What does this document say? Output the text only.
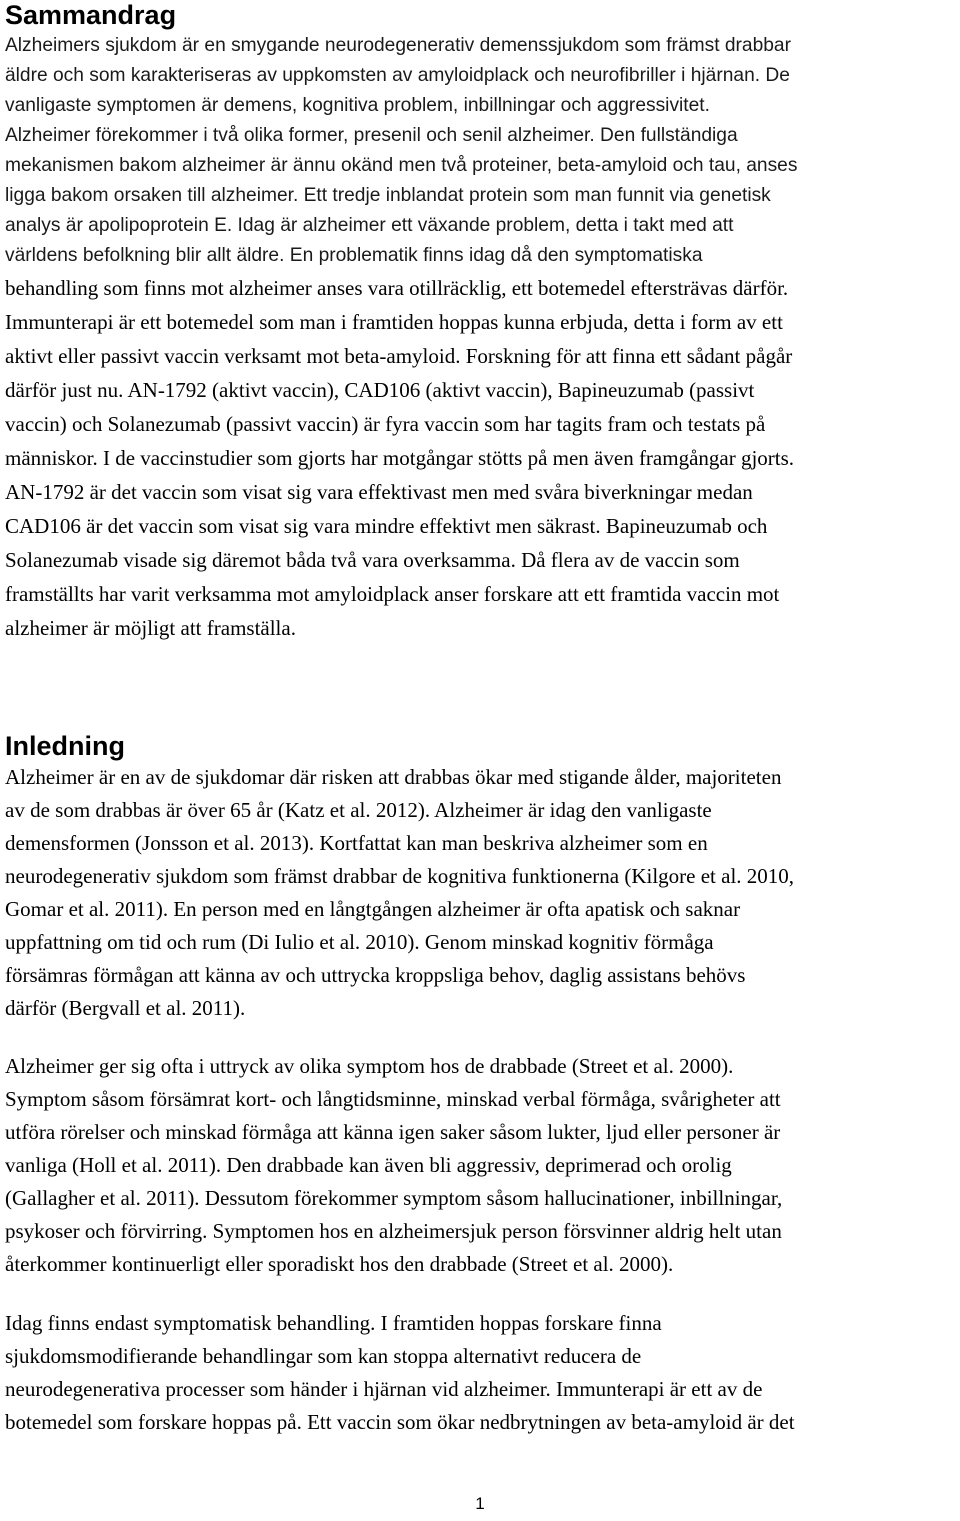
Sammandrag
Alzheimers sjukdom är en smygande neurodegenerativ demenssjukdom som främst drabbar
äldre och som karakteriseras av uppkomsten av amyloidplack och neurofibriller i hjärnan. De
vanligaste symptomen är demens, kognitiva problem, inbillningar och aggressivitet.
Alzheimer förekommer i två olika former, presenil och senil alzheimer. Den fullständiga
mekanismen bakom alzheimer är ännu okänd men två proteiner, beta-amyloid och tau, anses
ligga bakom orsaken till alzheimer. Ett tredje inblandat protein som man funnit via genetisk
analys är apolipoprotein E. Idag är alzheimer ett växande problem, detta i takt med att
världens befolkning blir allt äldre. En problematik finns idag då den symptomatiska
behandling som finns mot alzheimer anses vara otillräcklig, ett botemedel eftersträvas därför.
Immunterapi är ett botemedel som man i framtiden hoppas kunna erbjuda, detta i form av ett
aktivt eller passivt vaccin verksamt mot beta-amyloid. Forskning för att finna ett sådant pågår
därför just nu. AN-1792 (aktivt vaccin), CAD106 (aktivt vaccin), Bapineuzumab (passivt
vaccin) och Solanezumab (passivt vaccin) är fyra vaccin som har tagits fram och testats på
människor. I de vaccinstudier som gjorts har motgångar stötts på men även framgångar gjorts.
AN-1792 är det vaccin som visat sig vara effektivast men med svåra biverkningar medan
CAD106 är det vaccin som visat sig vara mindre effektivt men säkrast. Bapineuzumab och
Solanezumab visade sig däremot båda två vara overksamma. Då flera av de vaccin som
framställts har varit verksamma mot amyloidplack anser forskare att ett framtida vaccin mot
alzheimer är möjligt att framställa.
Inledning
Alzheimer är en av de sjukdomar där risken att drabbas ökar med stigande ålder, majoriteten
av de som drabbas är över 65 år (Katz et al. 2012). Alzheimer är idag den vanligaste
demensformen (Jonsson et al. 2013). Kortfattat kan man beskriva alzheimer som en
neurodegenerativ sjukdom som främst drabbar de kognitiva funktionerna (Kilgore et al. 2010,
Gomar et al. 2011). En person med en långtgången alzheimer är ofta apatisk och saknar
uppfattning om tid och rum (Di Iulio et al. 2010). Genom minskad kognitiv förmåga
försämras förmågan att känna av och uttrycka kroppsliga behov, daglig assistans behövs
därför (Bergvall et al. 2011).
Alzheimer ger sig ofta i uttryck av olika symptom hos de drabbade (Street et al. 2000).
Symptom såsom försämrat kort- och långtidsminne, minskad verbal förmåga, svårigheter att
utföra rörelser och minskad förmåga att känna igen saker såsom lukter, ljud eller personer är
vanliga (Holl et al. 2011). Den drabbade kan även bli aggressiv, deprimerad och orolig
(Gallagher et al. 2011). Dessutom förekommer symptom såsom hallucinationer, inbillningar,
psykoser och förvirring. Symptomen hos en alzheimersjuk person försvinner aldrig helt utan
återkommer kontinuerligt eller sporadiskt hos den drabbade (Street et al. 2000).
Idag finns endast symptomatisk behandling. I framtiden hoppas forskare finna
sjukdomsmodifierande behandlingar som kan stoppa alternativt reducera de
neurodegenerativa processer som händer i hjärnan vid alzheimer. Immunterapi är ett av de
botemedel som forskare hoppas på. Ett vaccin som ökar nedbrytningen av beta-amyloid är det
1
